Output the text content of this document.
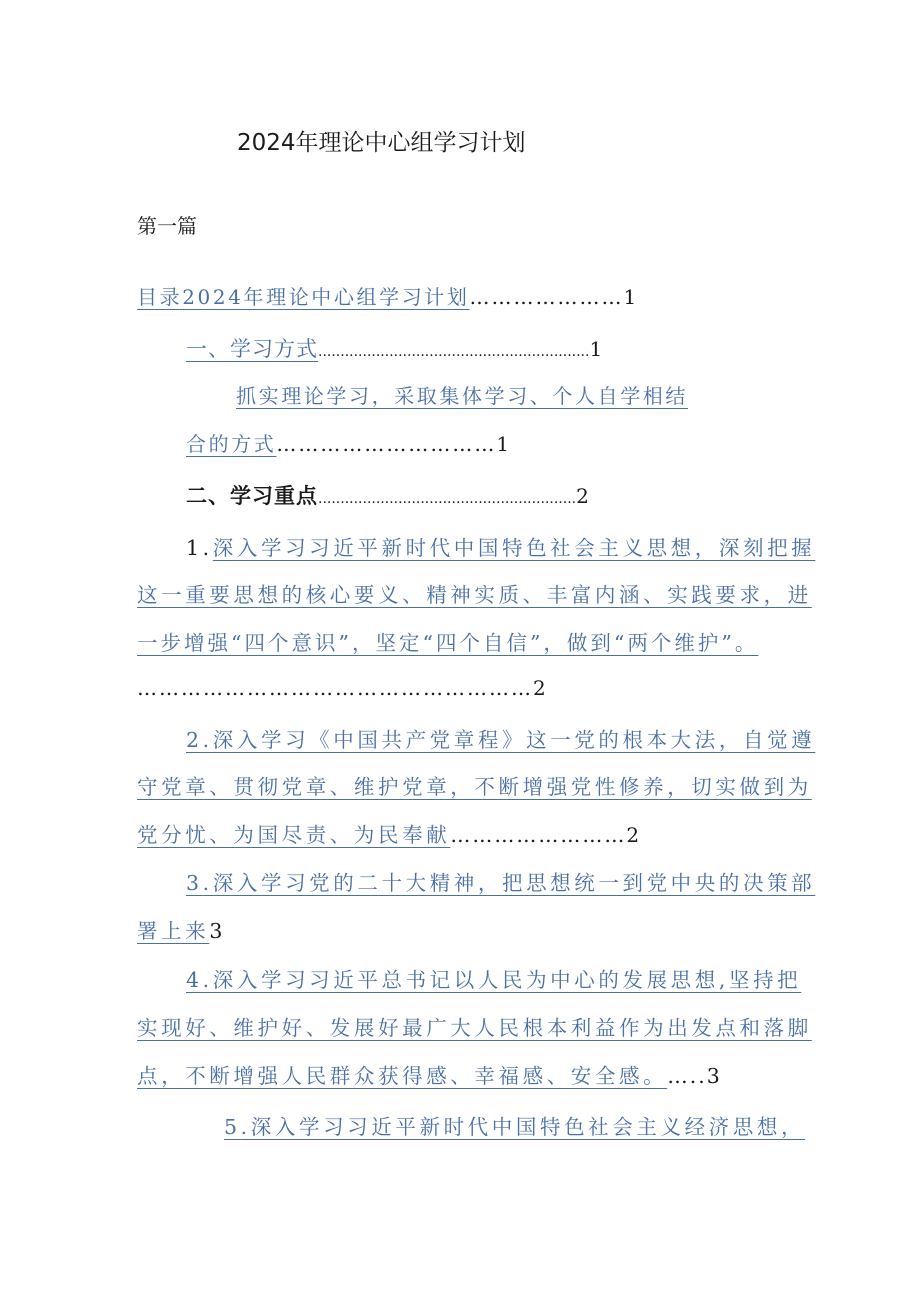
2024年理论中心组学习计划
第一篇
目录2024年理论中心组学习计划…………………1
一、学习方式.............................................................1
抓实理论学习，采取集体学习、个人自学相结
合的方式…………………………1
二、学习重点..........................................................2
1.深入学习习近平新时代中国特色社会主义思想，深刻把握
这一重要思想的核心要义、精神实质、丰富内涵、实践要求，进
一步增强“四个意识”，坚定“四个自信”，做到“两个维护”。
………………………………………………2
2.深入学习《中国共产党章程》这一党的根本大法，自觉遵
守党章、贯彻党章、维护党章，不断增强党性修养，切实做到为
党分忧、为国尽责、为民奉献……………………2
3.深入学习党的二十大精神，把思想统一到党中央的决策部
署上来3
4.深入学习习近平总书记以人民为中心的发展思想,坚持把
实现好、维护好、发展好最广大人民根本利益作为出发点和落脚
点，不断增强人民群众获得感、幸福感、安全感。…..3
5.深入学习习近平新时代中国特色社会主义经济思想，
